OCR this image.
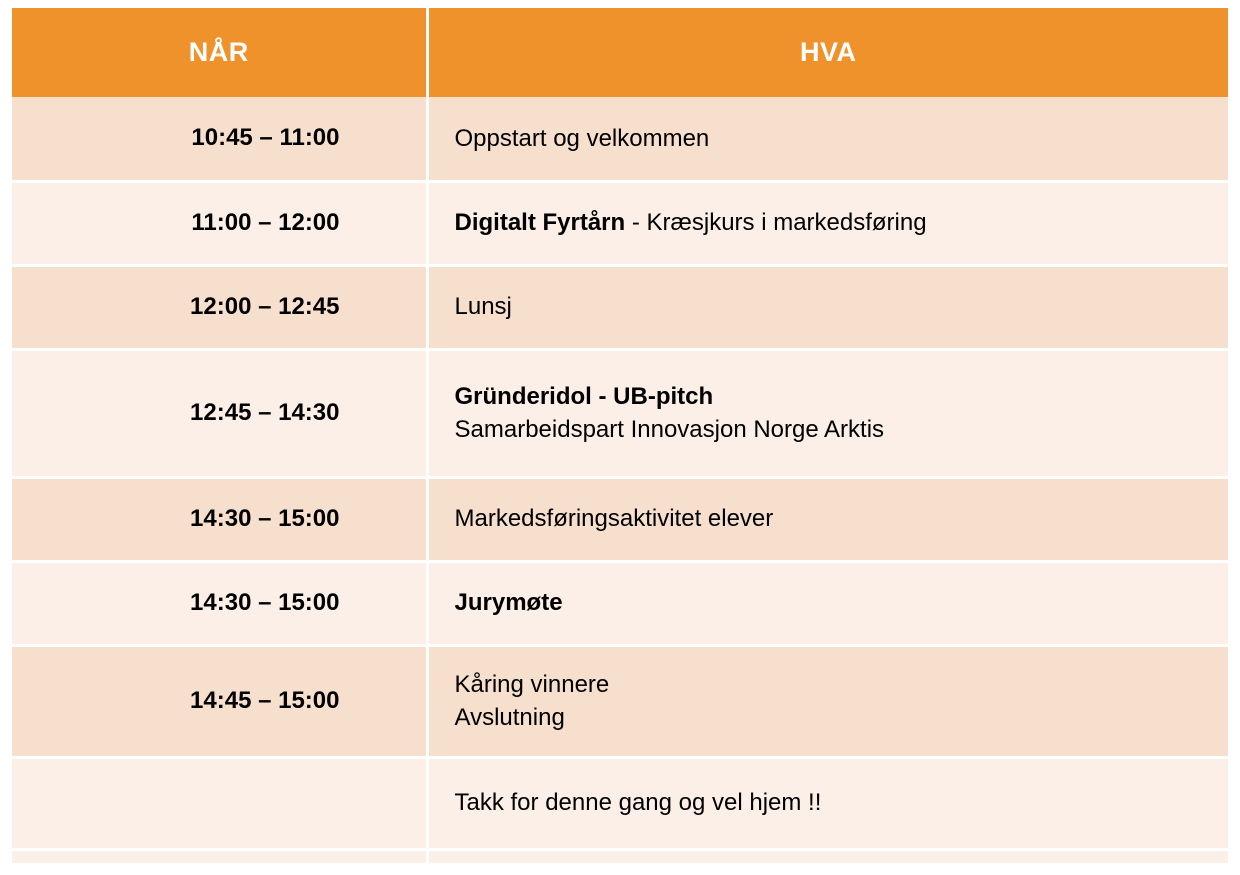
NÅR	HVA
10:45 – 11:00	Oppstart og velkommen
11:00 – 12:00	Digitalt Fyrtårn - Kræsjkurs i markedsføring
12:00 – 12:45	Lunsj
12:45 – 14:30	Gründeridol - UB-pitch
Samarbeidspart Innovasjon Norge Arktis

14:30 – 15:00	Markedsføringsaktivitet elever
14:30 – 15:00	Jurymøte
14:45 – 15:00	Kåring vinnere
Avslutning

	Takk for denne gang og vel hjem !!
